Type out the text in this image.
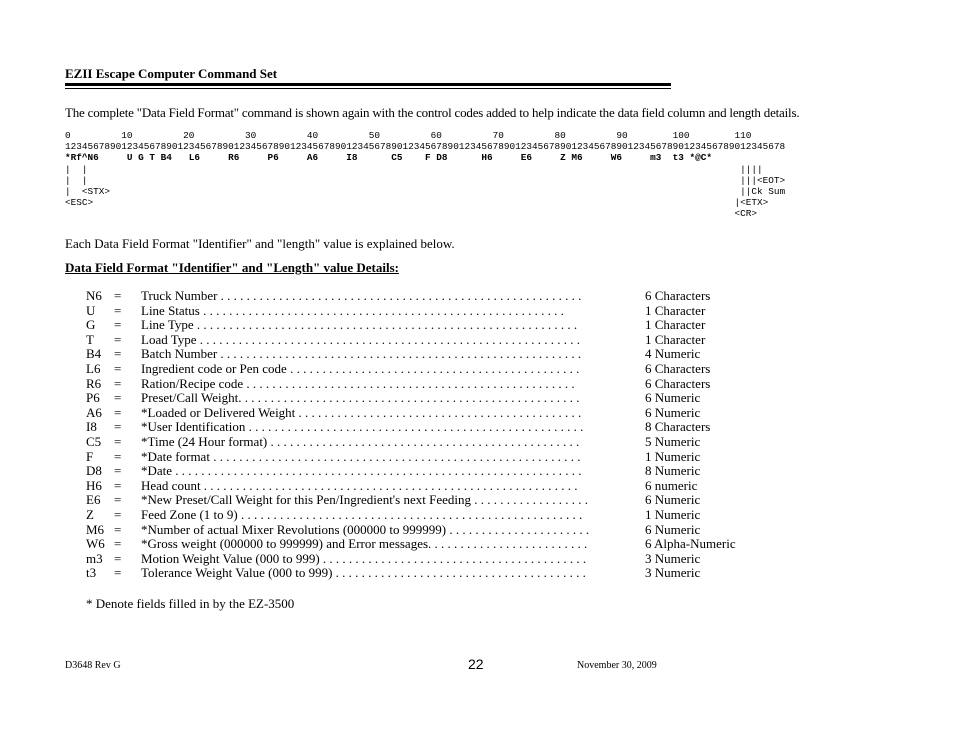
EZII Escape Computer Command Set
The complete "Data Field Format" command is shown again with the control codes added to help indicate the data field column and length details.
0         10         20         30         40         50         60         70         80         90        100        110
12345678901234567890123456789012345678901234567890123456789012345678901234567890123456789012345678901234567890123456789012345678
*Rf^N6     U G T B4   L6     R6     P6     A6     I8      C5    F D8      H6     E6     Z M6     W6     m3  t3 *@C*
|  |                                                                                                                    ||||
|  |                                                                                                                    |||<EOT>
|  <STX>                                                                                                                ||Ck Sum
<ESC>                                                                                                                  |<ETX>
<CR>
Each Data Field Format "Identifier" and "length" value is explained below.
Data Field Format "Identifier" and "Length" value Details:
N6 = Truck Number . . . . . . . . . . . . . . . . . . . . . . . . . . . . . . . . . . . . . . . . . . . . . . . . . . . . . . . .	6 Characters
U = Line Status . . . . . . . . . . . . . . . . . . . . . . . . . . . . . . . . . . . . . . . . . . . . . . . . . . . . . . . .	1 Character
G = Line Type . . . . . . . . . . . . . . . . . . . . . . . . . . . . . . . . . . . . . . . . . . . . . . . . . . . . . . . . . . .	1 Character
T = Load Type . . . . . . . . . . . . . . . . . . . . . . . . . . . . . . . . . . . . . . . . . . . . . . . . . . . . . . . . . . .	1 Character
B4 = Batch Number . . . . . . . . . . . . . . . . . . . . . . . . . . . . . . . . . . . . . . . . . . . . . . . . . . . . . . . .	4 Numeric
L6 = Ingredient code or Pen code . . . . . . . . . . . . . . . . . . . . . . . . . . . . . . . . . . . . . . . . . . . . .	6 Characters
R6 = Ration/Recipe code . . . . . . . . . . . . . . . . . . . . . . . . . . . . . . . . . . . . . . . . . . . . . . . . . . .	6 Characters
P6 = Preset/Call Weight. . . . . . . . . . . . . . . . . . . . . . . . . . . . . . . . . . . . . . . . . . . . . . . . . . . . .	6 Numeric
A6 = *Loaded or Delivered Weight . . . . . . . . . . . . . . . . . . . . . . . . . . . . . . . . . . . . . . . . . . . .	6 Numeric
I8 = *User Identification . . . . . . . . . . . . . . . . . . . . . . . . . . . . . . . . . . . . . . . . . . . . . . . . . . . .	8 Characters
C5 = *Time (24 Hour format) . . . . . . . . . . . . . . . . . . . . . . . . . . . . . . . . . . . . . . . . . . . . . . . .	5 Numeric
F = *Date format . . . . . . . . . . . . . . . . . . . . . . . . . . . . . . . . . . . . . . . . . . . . . . . . . . . . . . . . .	1 Numeric
D8 = *Date . . . . . . . . . . . . . . . . . . . . . . . . . . . . . . . . . . . . . . . . . . . . . . . . . . . . . . . . . . . . . . .	8 Numeric
H6 = Head count . . . . . . . . . . . . . . . . . . . . . . . . . . . . . . . . . . . . . . . . . . . . . . . . . . . . . . . . . .	6 numeric
E6 = *New Preset/Call Weight for this Pen/Ingredient's next Feeding . . . . . . . . . . . . . . . . . .	6 Numeric
Z = Feed Zone (1 to 9) . . . . . . . . . . . . . . . . . . . . . . . . . . . . . . . . . . . . . . . . . . . . . . . . . . . . .	1 Numeric
M6 = *Number of actual Mixer Revolutions (000000 to 999999) . . . . . . . . . . . . . . . . . . . . . .	6 Numeric
W6 = *Gross weight (000000 to 999999) and Error messages. . . . . . . . . . . . . . . . . . . . . . . . .	6 Alpha-Numeric
m3 = Motion Weight Value (000 to 999) . . . . . . . . . . . . . . . . . . . . . . . . . . . . . . . . . . . . . . . . .	3 Numeric
t3 = Tolerance Weight Value (000 to 999) . . . . . . . . . . . . . . . . . . . . . . . . . . . . . . . . . . . . . . .	3 Numeric
* Denote fields filled in by the EZ-3500
D3648 Rev G	22	November 30, 2009
